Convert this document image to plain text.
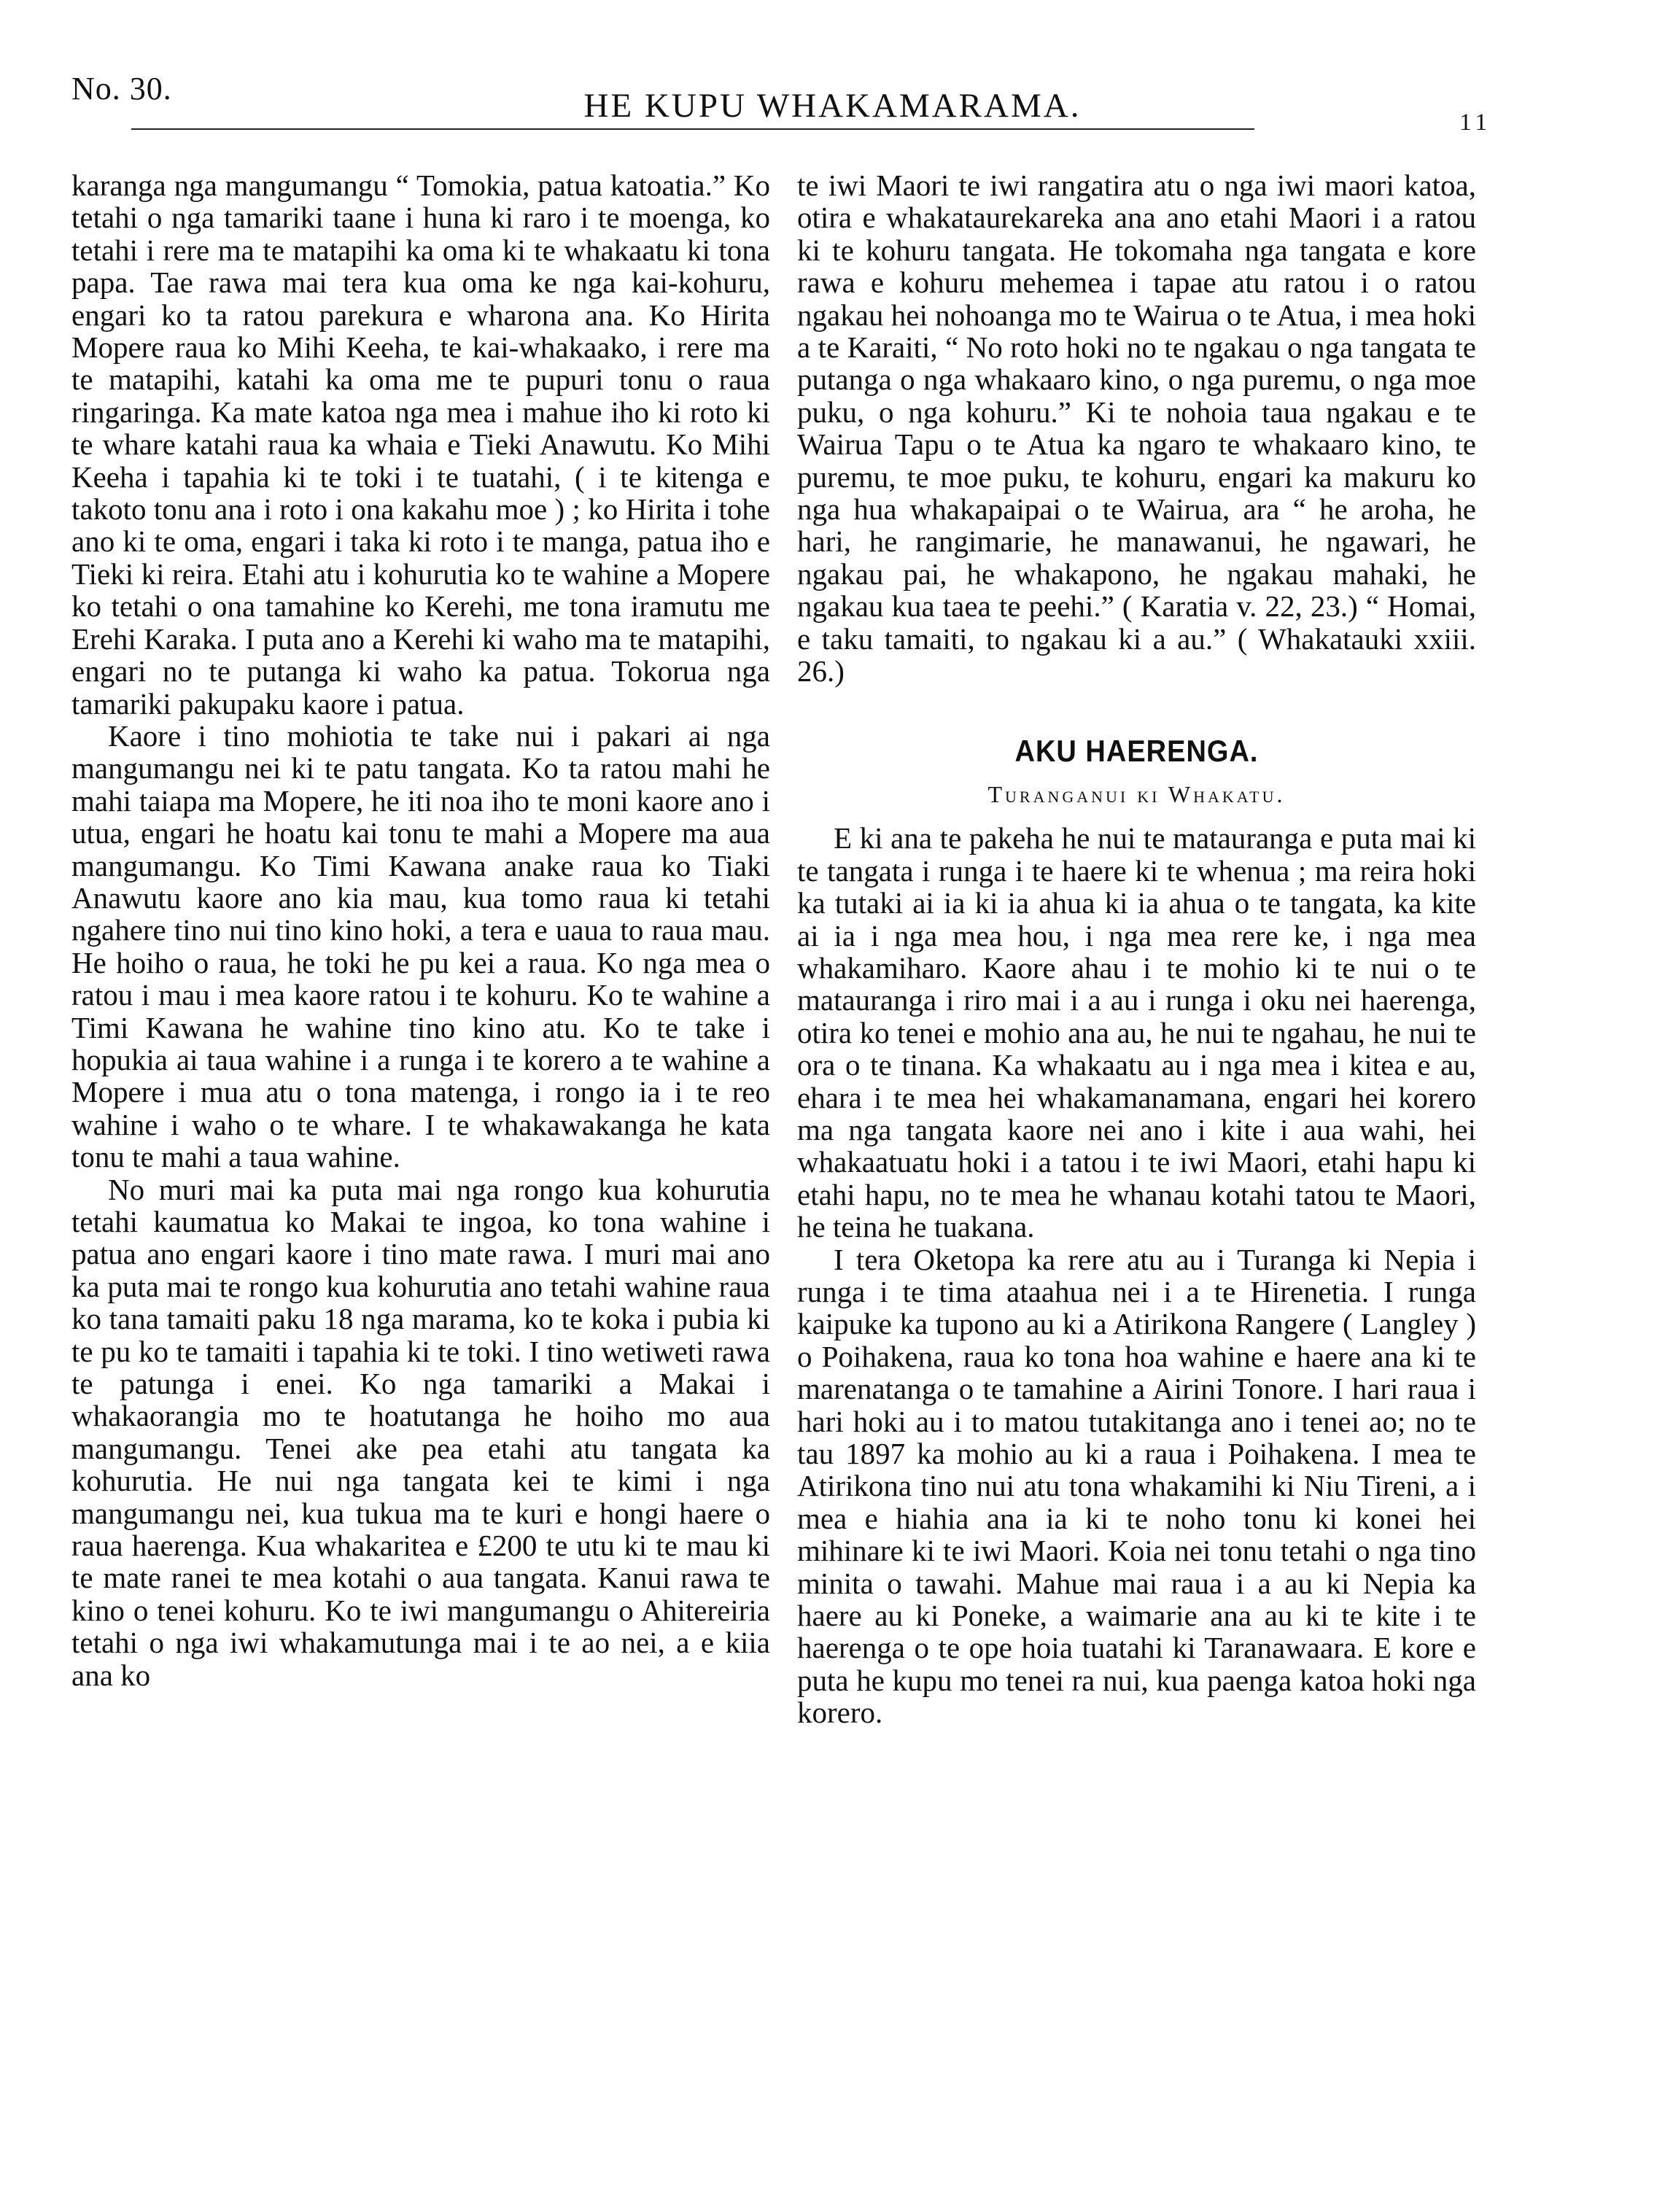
No. 30.	HE KUPU WHAKAMARAMA.	11

karanga nga mangumangu “ Tomokia, patua katoatia.” Ko tetahi o nga tamariki taane i huna ki raro i te moenga, ko tetahi i rere ma te matapihi ka oma ki te whakaatu ki tona papa. Tae rawa mai tera kua oma ke nga kai-kohuru, engari ko ta ratou parekura e wharona ana. Ko Hirita Mopere raua ko Mihi Keeha, te kai-whakaako, i rere ma te matapihi, katahi ka oma me te pupuri tonu o raua ringaringa. Ka mate katoa nga mea i mahue iho ki roto ki te whare katahi raua ka whaia e Tieki Anawutu. Ko Mihi Keeha i tapahia ki te toki i te tuatahi, ( i te kitenga e takoto tonu ana i roto i ona kakahu moe ) ; ko Hirita i tohe ano ki te oma, engari i taka ki roto i te manga, patua iho e Tieki ki reira. Etahi atu i kohurutia ko te wahine a Mopere ko tetahi o ona tamahine ko Kerehi, me tona iramutu me Erehi Karaka. I puta ano a Kerehi ki waho ma te matapihi, engari no te putanga ki waho ka patua. Tokorua nga tamariki pakupaku kaore i patua.

Kaore i tino mohiotia te take nui i pakari ai nga mangumangu nei ki te patu tangata. Ko ta ratou mahi he mahi taiapa ma Mopere, he iti noa iho te moni kaore ano i utua, engari he hoatu kai tonu te mahi a Mopere ma aua mangumangu. Ko Timi Kawana anake raua ko Tiaki Anawutu kaore ano kia mau, kua tomo raua ki tetahi ngahere tino nui tino kino hoki, a tera e uaua to raua mau. He hoiho o raua, he toki he pu kei a raua. Ko nga mea o ratou i mau i mea kaore ratou i te kohuru. Ko te wahine a Timi Kawana he wahine tino kino atu. Ko te take i hopukia ai taua wahine i a runga i te korero a te wahine a Mopere i mua atu o tona matenga, i rongo ia i te reo wahine i waho o te whare. I te whakawakanga he kata tonu te mahi a taua wahine.

No muri mai ka puta mai nga rongo kua kohurutia tetahi kaumatua ko Makai te ingoa, ko tona wahine i patua ano engari kaore i tino mate rawa. I muri mai ano ka puta mai te rongo kua kohurutia ano tetahi wahine raua ko tana tamaiti paku 18 nga marama, ko te koka i pubia ki te pu ko te tamaiti i tapahia ki te toki. I tino wetiweti rawa te patunga i enei. Ko nga tamariki a Makai i whakaorangia mo te hoatutanga he hoiho mo aua mangumangu. Tenei ake pea etahi atu tangata ka kohurutia. He nui nga tangata kei te kimi i nga mangumangu nei, kua tukua ma te kuri e hongi haere o raua haerenga. Kua whakaritea e £200 te utu ki te mau ki te mate ranei te mea kotahi o aua tangata. Kanui rawa te kino o tenei kohuru. Ko te iwi mangumangu o Ahitereiria tetahi o nga iwi whakamutunga mai i te ao nei, a e kiia ana ko

te iwi Maori te iwi rangatira atu o nga iwi maori katoa, otira e whakataurekareka ana ano etahi Maori i a ratou ki te kohuru tangata. He tokomaha nga tangata e kore rawa e kohuru mehemea i tapae atu ratou i o ratou ngakau hei nohoanga mo te Wairua o te Atua, i mea hoki a te Karaiti, “ No roto hoki no te ngakau o nga tangata te putanga o nga whakaaro kino, o nga puremu, o nga moe puku, o nga kohuru.” Ki te nohoia taua ngakau e te Wairua Tapu o te Atua ka ngaro te whakaaro kino, te puremu, te moe puku, te kohuru, engari ka makuru ko nga hua whakapaipai o te Wairua, ara “ he aroha, he hari, he rangimarie, he manawanui, he ngawari, he ngakau pai, he whakapono, he ngakau mahaki, he ngakau kua taea te peehi.” ( Karatia v. 22, 23.) “ Homai, e taku tamaiti, to ngakau ki a au.” ( Whakatauki xxiii. 26.)

AKU HAERENGA.
Turanganui ki Whakatu.

E ki ana te pakeha he nui te matauranga e puta mai ki te tangata i runga i te haere ki te whenua ; ma reira hoki ka tutaki ai ia ki ia ahua ki ia ahua o te tangata, ka kite ai ia i nga mea hou, i nga mea rere ke, i nga mea whakamiharo. Kaore ahau i te mohio ki te nui o te matauranga i riro mai i a au i runga i oku nei haerenga, otira ko tenei e mohio ana au, he nui te ngahau, he nui te ora o te tinana. Ka whakaatu au i nga mea i kitea e au, ehara i te mea hei whakamanamana, engari hei korero ma nga tangata kaore nei ano i kite i aua wahi, hei whakaatuatu hoki i a tatou i te iwi Maori, etahi hapu ki etahi hapu, no te mea he whanau kotahi tatou te Maori, he teina he tuakana.

I tera Oketopa ka rere atu au i Turanga ki Nepia i runga i te tima ataahua nei i a te Hirenetia. I runga kaipuke ka tupono au ki a Atirikona Rangere ( Langley ) o Poihakena, raua ko tona hoa wahine e haere ana ki te marenatanga o te tamahine a Airini Tonore. I hari raua i hari hoki au i to matou tutakitanga ano i tenei ao; no te tau 1897 ka mohio au ki a raua i Poihakena. I mea te Atirikona tino nui atu tona whakamihi ki Niu Tireni, a i mea e hiahia ana ia ki te noho tonu ki konei hei mihinare ki te iwi Maori. Koia nei tonu tetahi o nga tino minita o tawahi. Mahue mai raua i a au ki Nepia ka haere au ki Poneke, a waimarie ana au ki te kite i te haerenga o te ope hoia tuatahi ki Taranawaara. E kore e puta he kupu mo tenei ra nui, kua paenga katoa hoki nga korero.
